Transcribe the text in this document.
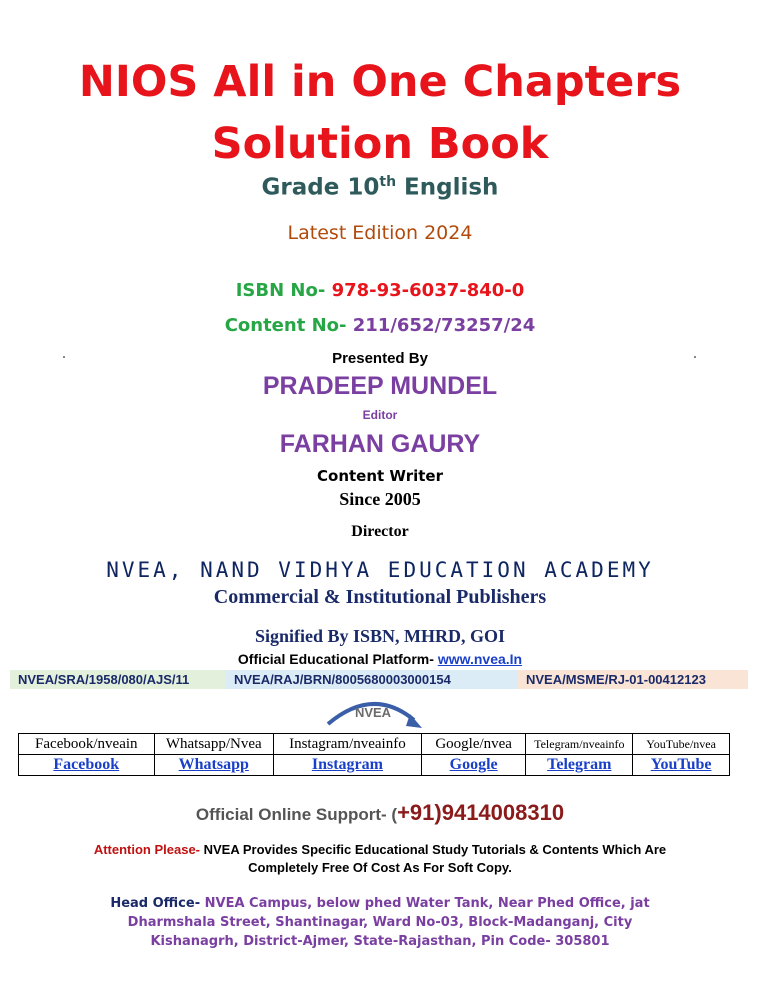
NIOS All in One Chapters
Solution Book
Grade 10th English
Latest Edition 2024
ISBN No- 978-93-6037-840-0
Content No- 211/652/73257/24
Presented By
PRADEEP MUNDEL
Editor
FARHAN GAURY
Content Writer
Since 2005
Director
NVEA, NAND VIDHYA EDUCATION ACADEMY
Commercial & Institutional Publishers
Signified By ISBN, MHRD, GOI
Official Educational Platform- www.nvea.In
NVEA/SRA/1958/080/AJS/11	NVEA/RAJ/BRN/8005680003000154	NVEA/MSME/RJ-01-00412123
NVEA
Facebook/nveain	Whatsapp/Nvea	Instagram/nveainfo	Google/nvea	Telegram/nveainfo	YouTube/nvea
Facebook	Whatsapp	Instagram	Google	Telegram	YouTube
Official Online Support- (+91)9414008310
Attention Please- NVEA Provides Specific Educational Study Tutorials & Contents Which Are Completely Free Of Cost As For Soft Copy.
Head Office- NVEA Campus, below phed Water Tank, Near Phed Office, jat Dharmshala Street, Shantinagar, Ward No-03, Block-Madanganj, City Kishanagrh, District-Ajmer, State-Rajasthan, Pin Code- 305801
